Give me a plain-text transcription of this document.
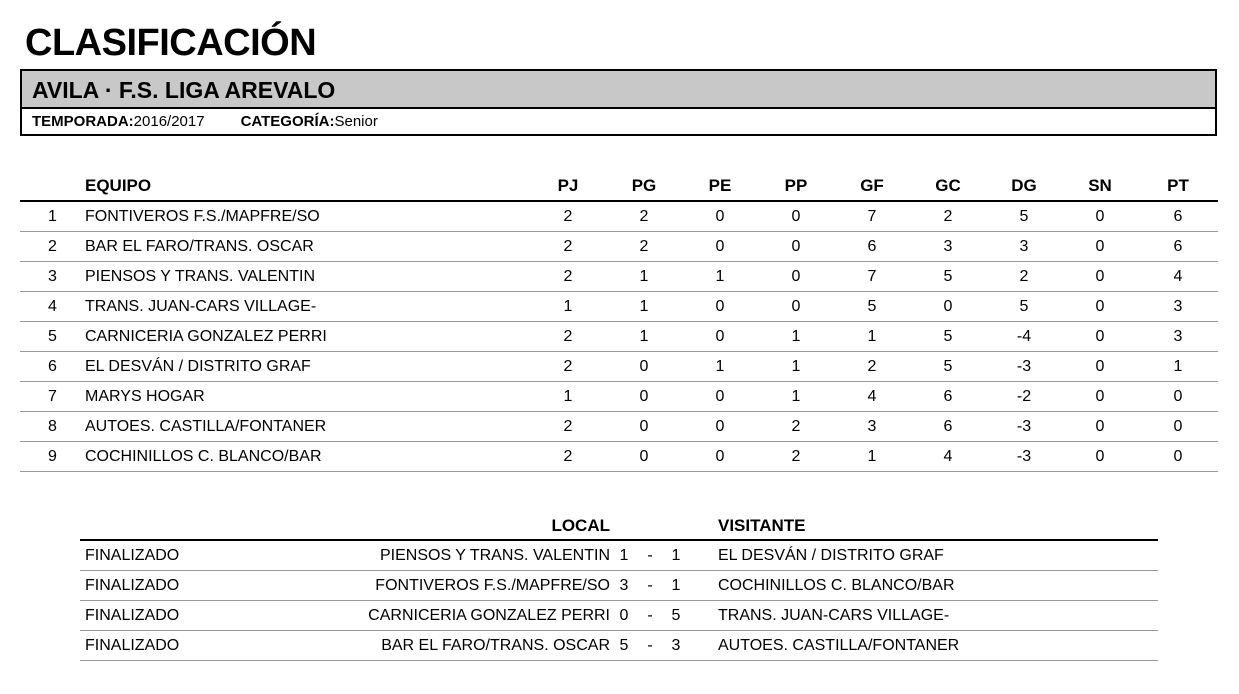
CLASIFICACIÓN
AVILA · F.S. LIGA AREVALO
TEMPORADA:2016/2017 CATEGORÍA:Senior
	EQUIPO	PJ	PG	PE	PP	GF	GC	DG	SN	PT
1	FONTIVEROS F.S./MAPFRE/SO	2	2	0	0	7	2	5	0	6
2	BAR EL FARO/TRANS. OSCAR	2	2	0	0	6	3	3	0	6
3	PIENSOS Y TRANS. VALENTIN	2	1	1	0	7	5	2	0	4
4	TRANS. JUAN-CARS VILLAGE-	1	1	0	0	5	0	5	0	3
5	CARNICERIA GONZALEZ PERRI	2	1	0	1	1	5	-4	0	3
6	EL DESVÁN / DISTRITO GRAF	2	0	1	1	2	5	-3	0	1
7	MARYS HOGAR	1	0	0	1	4	6	-2	0	0
8	AUTOES. CASTILLA/FONTANER	2	0	0	2	3	6	-3	0	0
9	COCHINILLOS C. BLANCO/BAR	2	0	0	2	1	4	-3	0	0
	LOCAL				VISITANTE
FINALIZADO	PIENSOS Y TRANS. VALENTIN	1	-	1	EL DESVÁN / DISTRITO GRAF
FINALIZADO	FONTIVEROS F.S./MAPFRE/SO	3	-	1	COCHINILLOS C. BLANCO/BAR
FINALIZADO	CARNICERIA GONZALEZ PERRI	0	-	5	TRANS. JUAN-CARS VILLAGE-
FINALIZADO	BAR EL FARO/TRANS. OSCAR	5	-	3	AUTOES. CASTILLA/FONTANER
